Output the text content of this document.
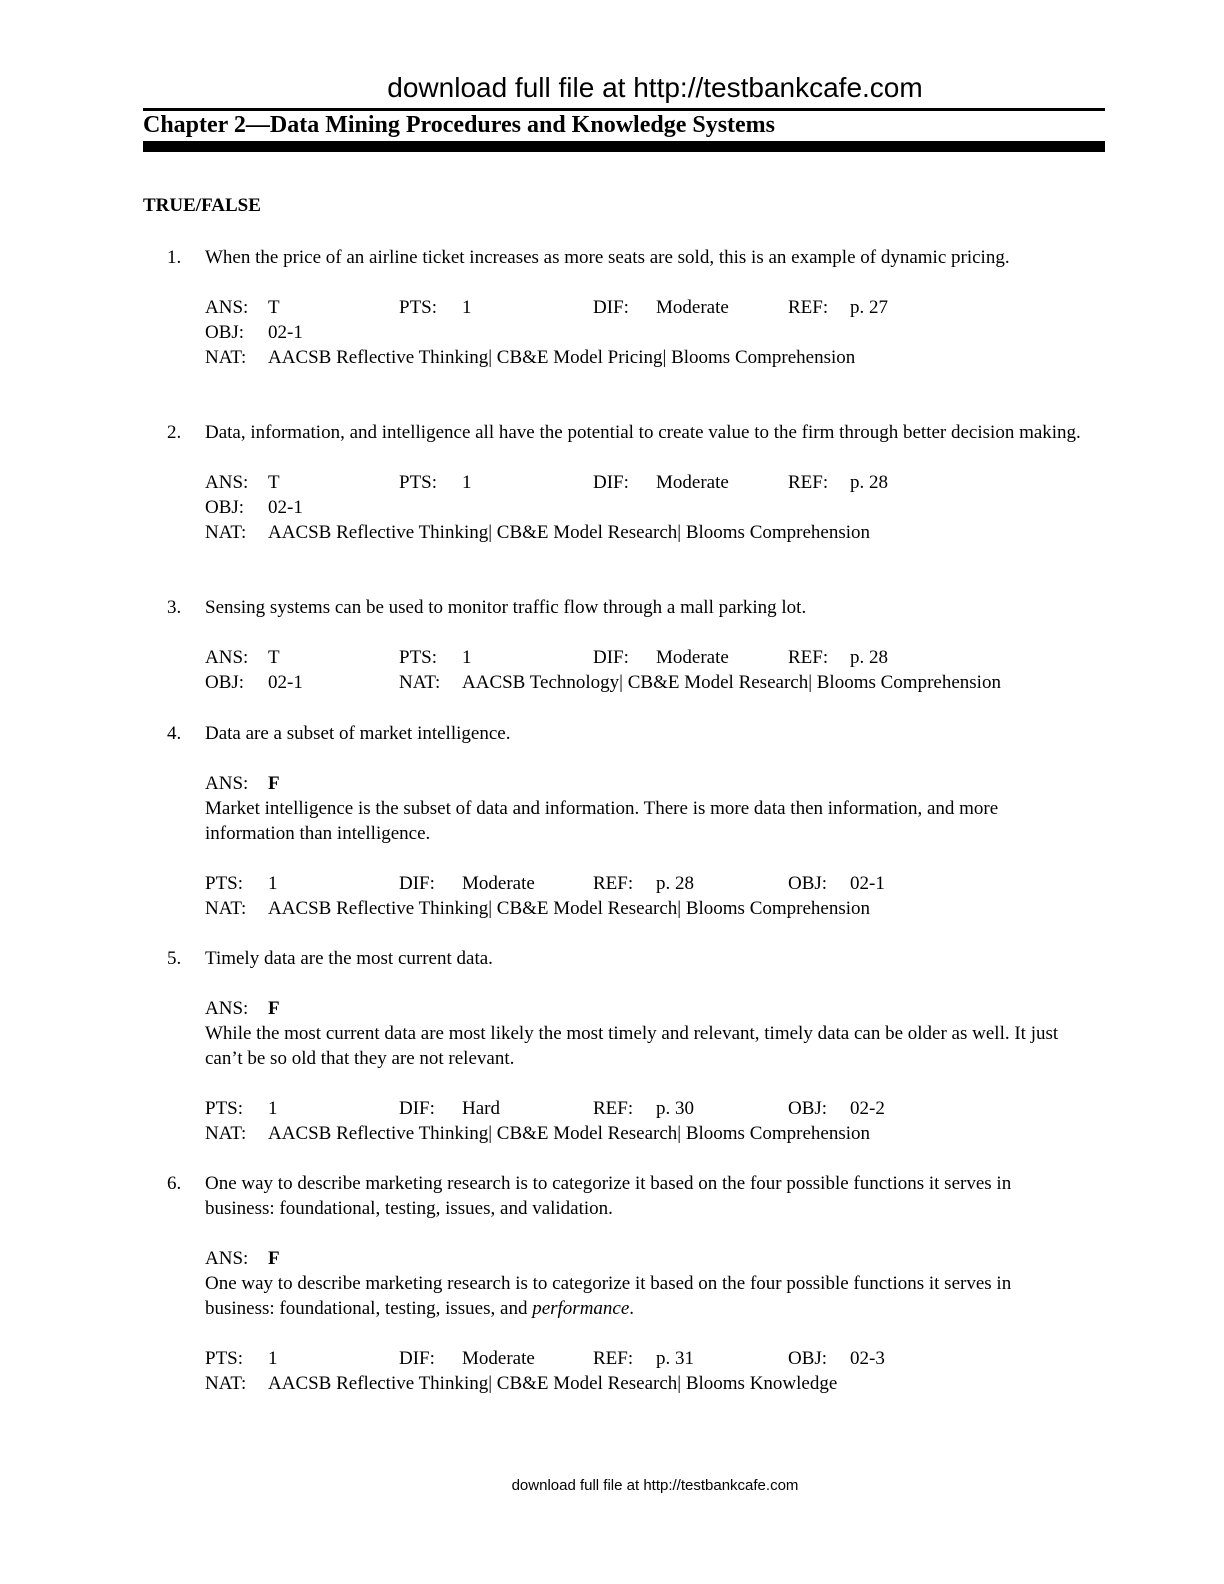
download full file at http://testbankcafe.com
Chapter 2—Data Mining Procedures and Knowledge Systems
TRUE/FALSE
1.	When the price of an airline ticket increases as more seats are sold, this is an example of dynamic pricing.
ANS: T	PTS: 1	DIF: Moderate	REF: p. 27
OBJ: 02-1
NAT: AACSB Reflective Thinking| CB&E Model Pricing| Blooms Comprehension
2.	Data, information, and intelligence all have the potential to create value to the firm through better decision making.
ANS: T	PTS: 1	DIF: Moderate	REF: p. 28
OBJ: 02-1
NAT: AACSB Reflective Thinking| CB&E Model Research| Blooms Comprehension
3.	Sensing systems can be used to monitor traffic flow through a mall parking lot.
ANS: T	PTS: 1	DIF: Moderate	REF: p. 28
OBJ: 02-1	NAT: AACSB Technology| CB&E Model Research| Blooms Comprehension
4.	Data are a subset of market intelligence.
ANS: F
Market intelligence is the subset of data and information. There is more data then information, and more information than intelligence.
PTS: 1	DIF: Moderate	REF: p. 28	OBJ: 02-1
NAT: AACSB Reflective Thinking| CB&E Model Research| Blooms Comprehension
5.	Timely data are the most current data.
ANS: F
While the most current data are most likely the most timely and relevant, timely data can be older as well. It just can’t be so old that they are not relevant.
PTS: 1	DIF: Hard	REF: p. 30	OBJ: 02-2
NAT: AACSB Reflective Thinking| CB&E Model Research| Blooms Comprehension
6.	One way to describe marketing research is to categorize it based on the four possible functions it serves in business: foundational, testing, issues, and validation.
ANS: F
One way to describe marketing research is to categorize it based on the four possible functions it serves in business: foundational, testing, issues, and performance.
PTS: 1	DIF: Moderate	REF: p. 31	OBJ: 02-3
NAT: AACSB Reflective Thinking| CB&E Model Research| Blooms Knowledge
download full file at http://testbankcafe.com
